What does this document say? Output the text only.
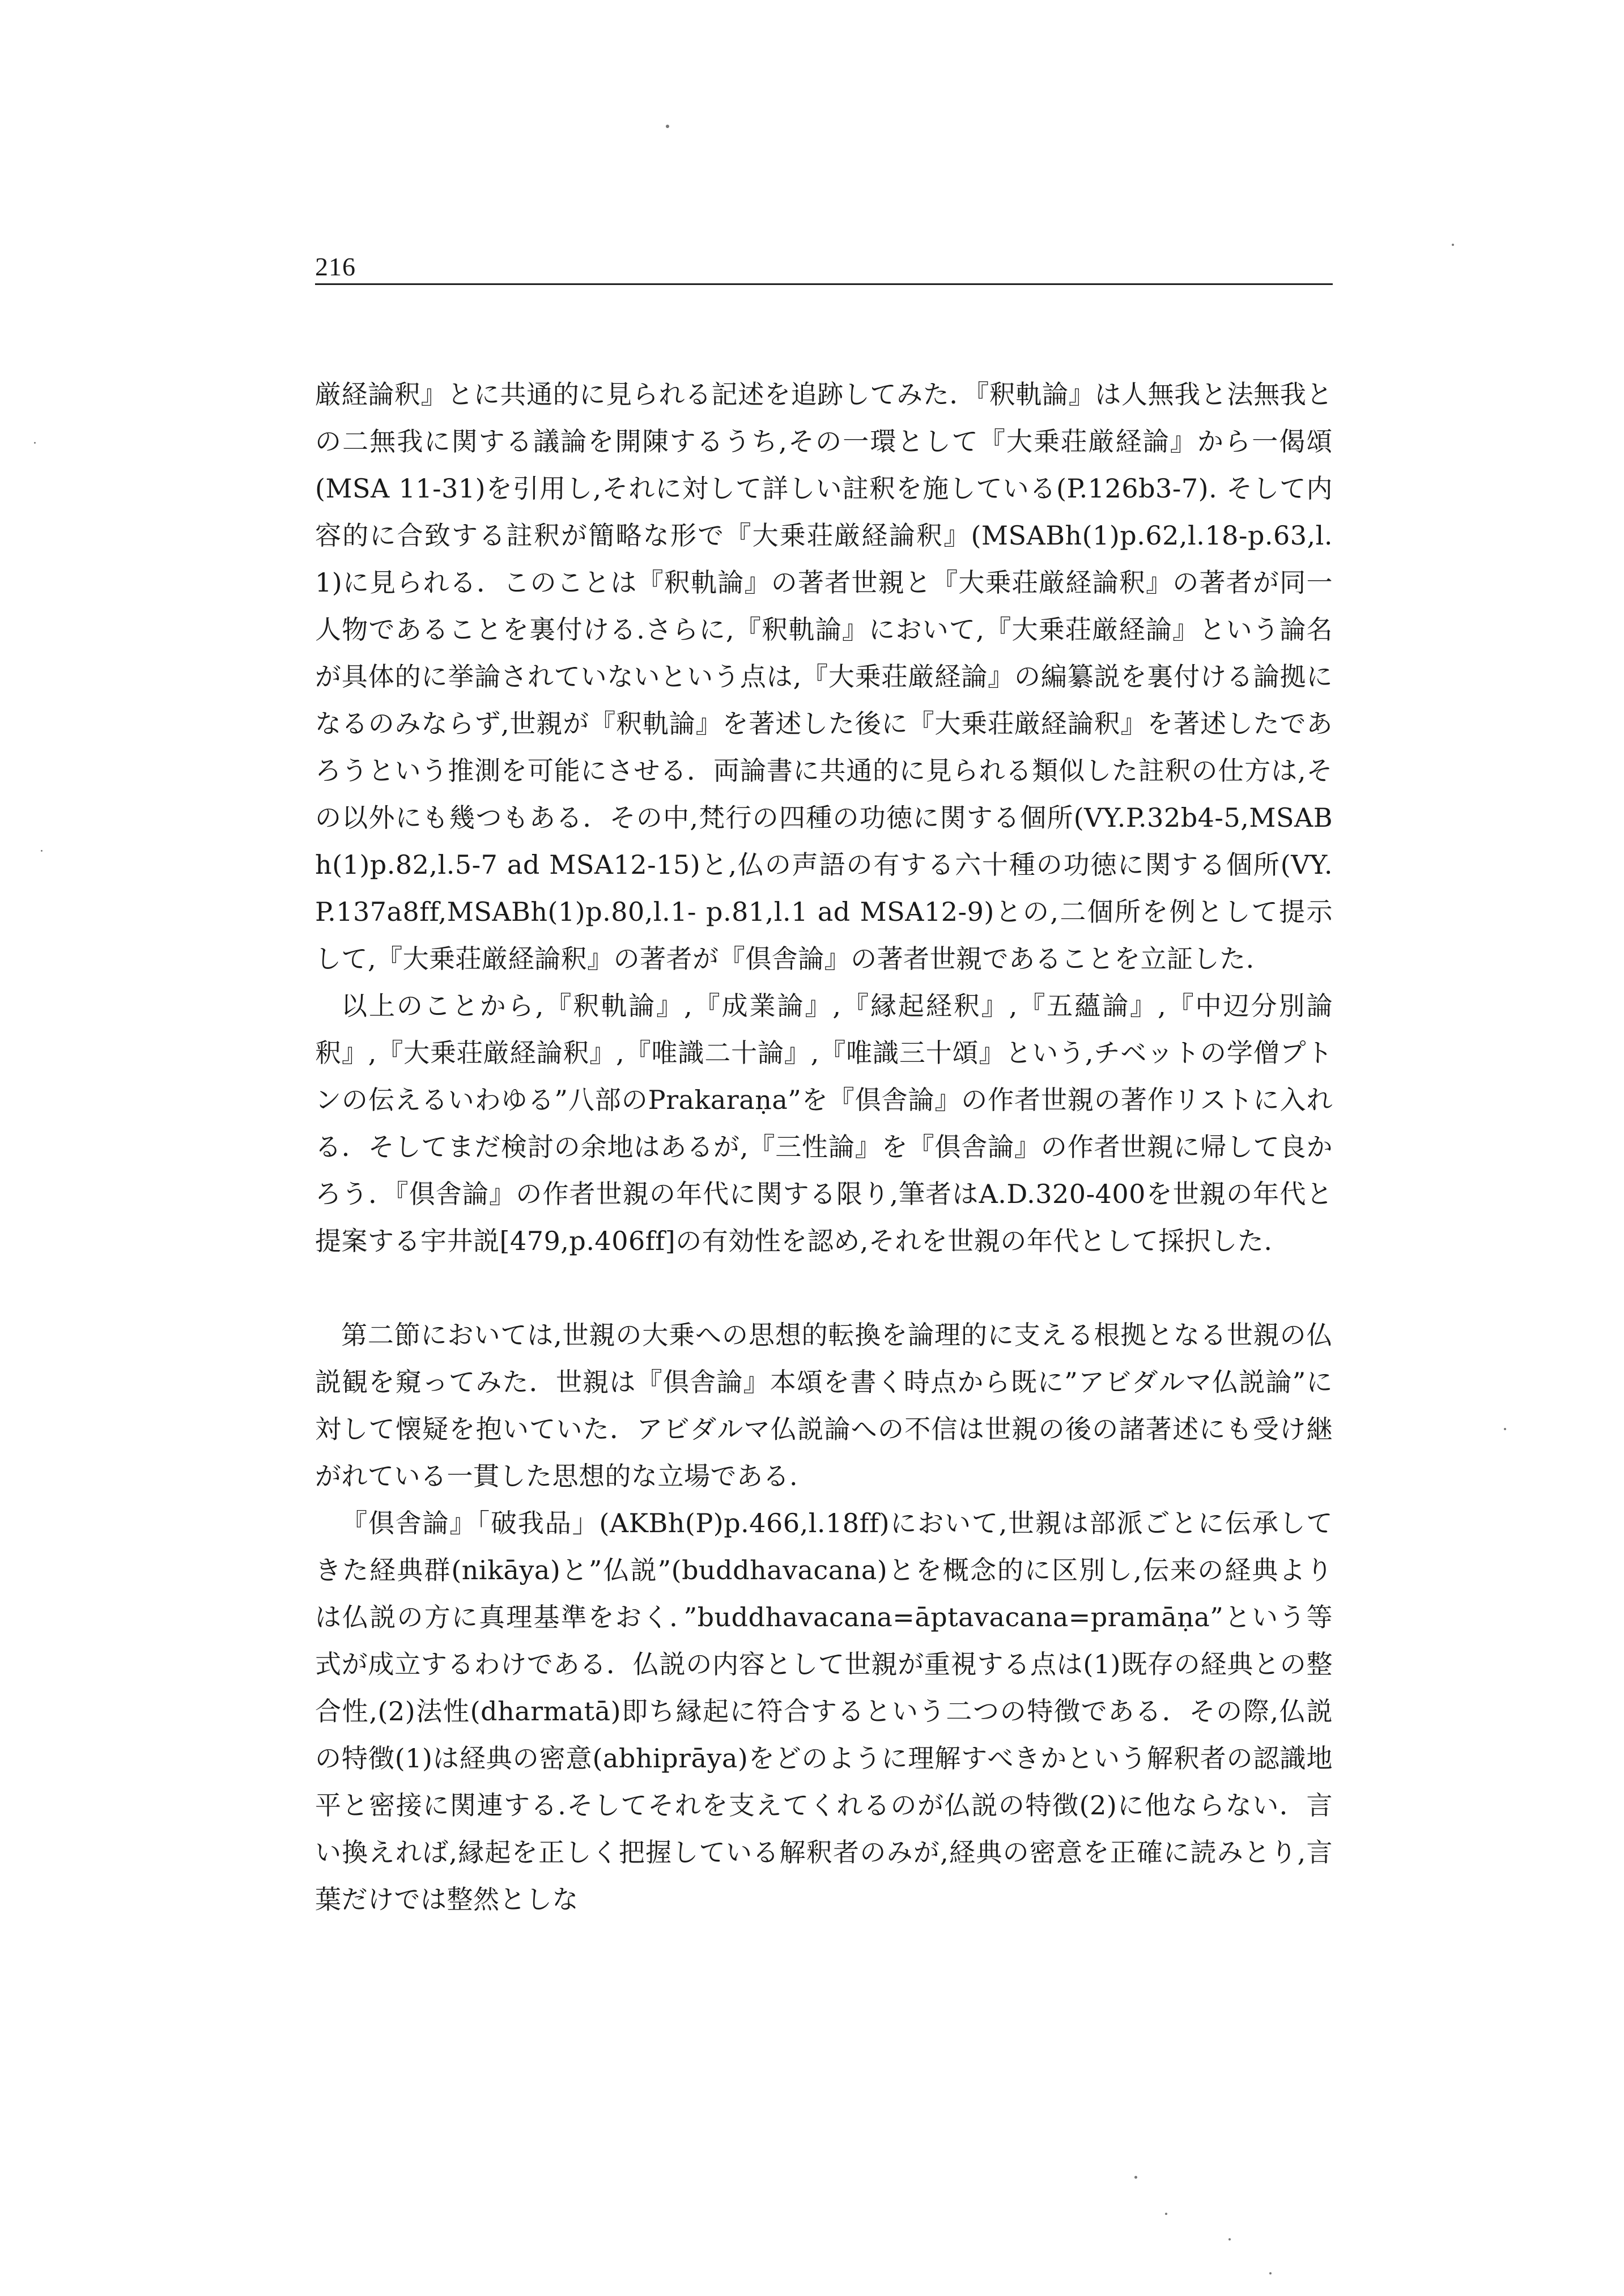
216

厳経論釈』とに共通的に見られる記述を追跡してみた．『釈軌論』は人無我と法無我との二無我に関する議論を開陳するうち,その一環として『大乗荘厳経論』から一偈頌(MSA 11-31)を引用し,それに対して詳しい註釈を施している(P.126b3-7). そして内容的に合致する註釈が簡略な形で『大乗荘厳経論釈』(MSABh(1)p.62,l.18-p.63,l.1)に見られる．このことは『釈軌論』の著者世親と『大乗荘厳経論釈』の著者が同一人物であることを裏付ける.さらに,『釈軌論』において,『大乗荘厳経論』という論名が具体的に挙論されていないという点は,『大乗荘厳経論』の編纂説を裏付ける論拠になるのみならず,世親が『釈軌論』を著述した後に『大乗荘厳経論釈』を著述したであろうという推測を可能にさせる．両論書に共通的に見られる類似した註釈の仕方は,その以外にも幾つもある．その中,梵行の四種の功徳に関する個所(VY.P.32b4-5,MSABh(1)p.82,l.5-7 ad MSA12-15)と,仏の声語の有する六十種の功徳に関する個所(VY.P.137a8ff,MSABh(1)p.80,l.1- p.81,l.1 ad MSA12-9)との,二個所を例として提示して,『大乗荘厳経論釈』の著者が『倶舎論』の著者世親であることを立証した.

以上のことから,『釈軌論』,『成業論』,『縁起経釈』,『五蘊論』,『中辺分別論釈』,『大乗荘厳経論釈』,『唯識二十論』,『唯識三十頌』という,チベットの学僧プトンの伝えるいわゆる”八部のPrakaraṇa”を『倶舎論』の作者世親の著作リストに入れる．そしてまだ検討の余地はあるが,『三性論』を『倶舎論』の作者世親に帰して良かろう．『倶舎論』の作者世親の年代に関する限り,筆者はA.D.320-400を世親の年代と提案する宇井説[479,p.406ff]の有効性を認め,それを世親の年代として採択した.

第二節においては,世親の大乗への思想的転換を論理的に支える根拠となる世親の仏説観を窺ってみた．世親は『倶舎論』本頌を書く時点から既に”アビダルマ仏説論”に対して懐疑を抱いていた．アビダルマ仏説論への不信は世親の後の諸著述にも受け継がれている一貫した思想的な立場である.

『倶舎論』「破我品」(AKBh(P)p.466,l.18ff)において,世親は部派ごとに伝承してきた経典群(nikāya)と”仏説”(buddhavacana)とを概念的に区別し,伝来の経典よりは仏説の方に真理基準をおく．”buddhavacana=āptavacana=pramāṇa”という等式が成立するわけである．仏説の内容として世親が重視する点は(1)既存の経典との整合性,(2)法性(dharmatā)即ち縁起に符合するという二つの特徴である．その際,仏説の特徴(1)は経典の密意(abhiprāya)をどのように理解すべきかという解釈者の認識地平と密接に関連する.そしてそれを支えてくれるのが仏説の特徴(2)に他ならない．言い換えれば,縁起を正しく把握している解釈者のみが,経典の密意を正確に読みとり,言葉だけでは整然としな
